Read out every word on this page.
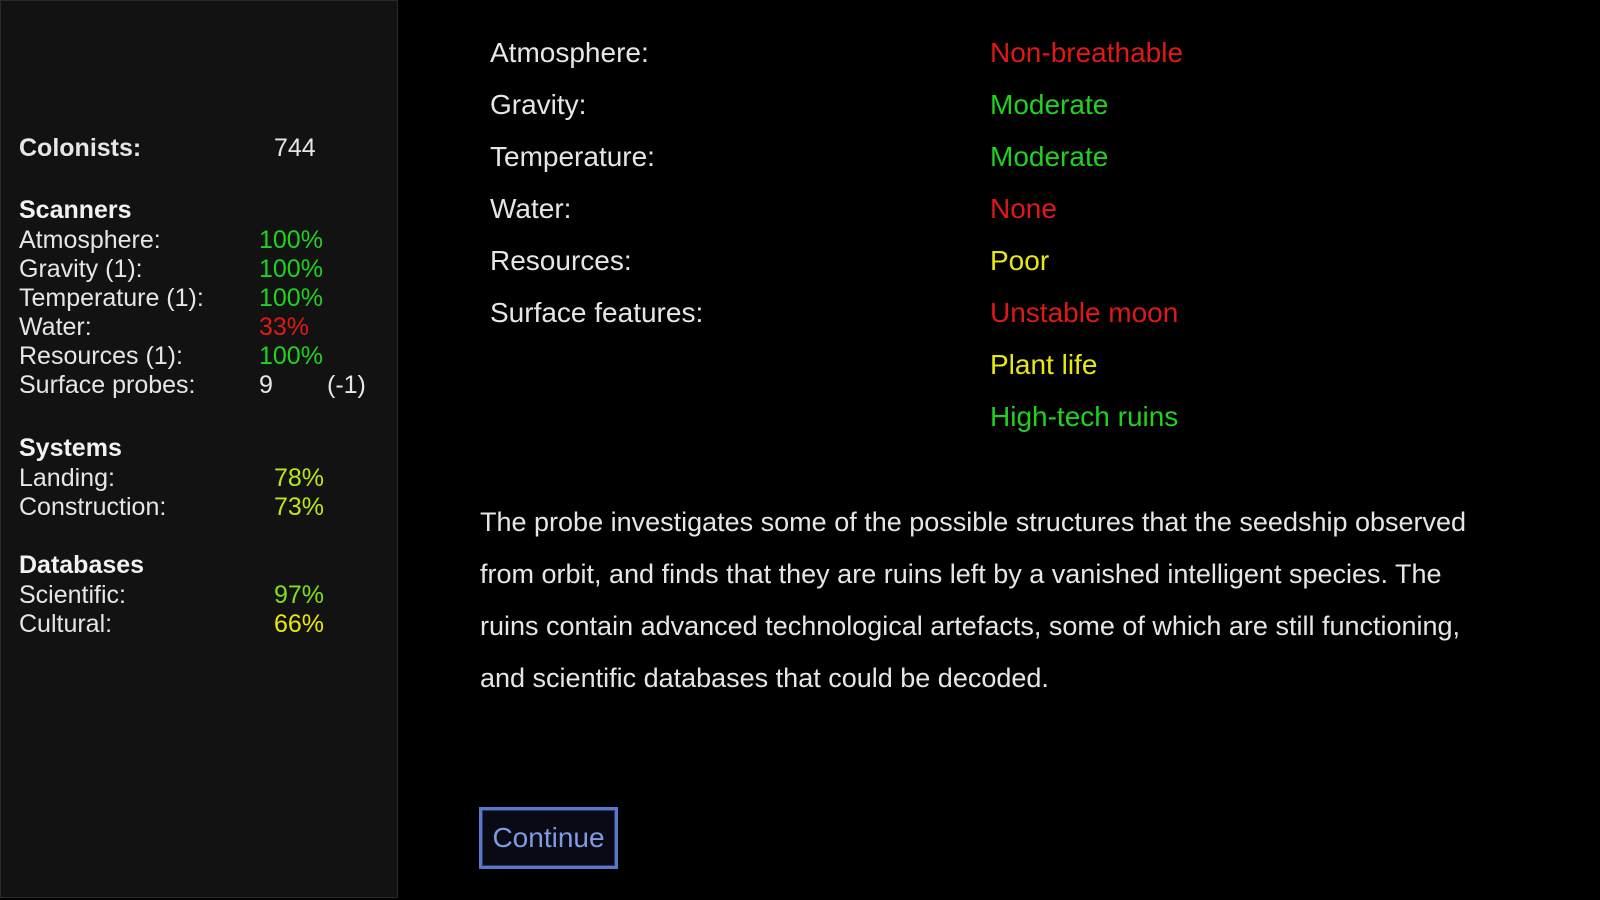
Colonists:	744
Scanners
Atmosphere:	100%
Gravity (1):	100%
Temperature (1): 100%
Water:	33%
Resources (1):	100%
Surface probes:	9 (-1)
Systems
Landing:	78%
Construction:	73%
Databases
Scientific:	97%
Cultural:	66%
Atmosphere:	Non-breathable
Gravity:	Moderate
Temperature:	Moderate
Water:	None
Resources:	Poor
Surface features:	Unstable moon
Plant life
High-tech ruins

The probe investigates some of the possible structures that the seedship observed from orbit, and finds that they are ruins left by a vanished intelligent species. The ruins contain advanced technological artefacts, some of which are still functioning, and scientific databases that could be decoded.

Continue
